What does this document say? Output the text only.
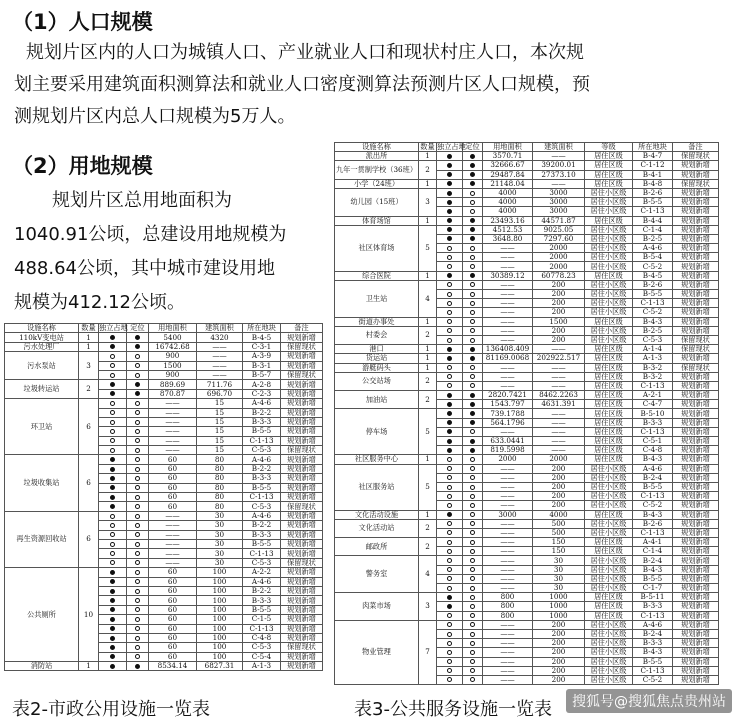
（1）人口规模
规划片区内的人口为城镇人口、产业就业人口和现状村庄人口，本次规
划主要采用建筑面积测算法和就业人口密度测算法预测片区人口规模，预
测规划片区内总人口规模为5万人。
（2）用地规模
规划片区总用地面积为
1040.91公顷，总建设用地规模为
488.64公顷，其中城市建设用地
规模为412.12公顷。
设施名称	数量	独立占地	定位	用地面积	建筑面积	所在地块	备注
110kV变电站	1			5400	4320	B-4-5	规划新增
污水处理厂	1			16742.68	——	C-3-1	保留现状
污水泵站	3			900	——	A-3-9	规划新增
				1500	——	B-3-1	规划新增
				900	——	B-5-7	保留现状
垃圾转运站	2			889.69	711.76	A-2-8	规划新增
				870.87	696.70	C-2-3	规划新增
环卫站	6			——	15	A-4-6	规划新增
				——	15	B-2-2	规划新增
				——	15	B-3-3	规划新增
				——	15	B-5-5	规划新增
				——	15	C-1-13	规划新增
				——	15	C-5-3	保留现状
垃圾收集站	6			60	80	A-4-6	规划新增
				60	80	B-2-2	规划新增
				60	80	B-3-3	规划新增
				60	80	B-5-5	规划新增
				60	80	C-1-13	规划新增
				60	80	C-5-3	保留现状
再生资源回收站	6			——	30	A-4-6	规划新增
				——	30	B-2-2	规划新增
				——	30	B-3-3	规划新增
				——	30	B-5-5	规划新增
				——	30	C-1-13	规划新增
				——	30	C-5-3	保留现状
公共厕所	10			60	100	A-2-2	规划新增
				60	100	A-4-6	规划新增
				60	100	B-2-2	规划新增
				60	100	B-3-3	规划新增
				60	100	B-5-5	规划新增
				60	100	C-1-5	规划新增
				60	100	C-1-13	规划新增
				60	100	C-4-8	规划新增
				60	100	C-5-3	保留现状
				60	100	C-5-4	规划新增
消防站	1			8534.14	6827.31	A-1-3	规划新增
设施名称	数量	独立占地	定位	用地面积	建筑面积	等级	所在地块	备注
派出所	1			3570.71	——	居住区级	B-4-7	保留现状
九年一贯制学校（36班）	2			32666.67	39200.01	居住区级	C-1-12	规划新增
				29487.84	27373.10	居住区级	B-4-1	规划新增
小学（24班）	1			21148.04	——	居住区级	B-4-8	保留现状
幼儿园（15班）	3			4000	3000	居住小区级	B-2-6	规划新增
				4000	3000	居住小区级	B-5-5	规划新增
				4000	3000	居住小区级	C-1-13	规划新增
体育场馆	1			23493.16	44571.87	居住区级	B-4-4	规划新增
社区体育场	5			4512.53	9025.05	居住小区级	C-1-4	规划新增
				3648.80	7297.60	居住小区级	B-2-5	规划新增
				——	2000	居住小区级	A-4-6	规划新增
				——	2000	居住小区级	B-5-4	规划新增
				——	2000	居住小区级	C-5-2	规划新增
综合医院	1			30389.12	60778.23	居住区级	B-4-5	规划新增
卫生站	4			——	200	居住小区级	B-2-6	规划新增
				——	200	居住小区级	B-5-5	规划新增
				——	200	居住小区级	C-1-13	规划新增
				——	200	居住小区级	C-5-2	规划新增
街道办事处	1			——	1500	居住区级	B-4-3	规划新增
村委会	2			——	200	居住小区级	B-2-5	规划新增
				——	200	居住小区级	C-5-3	保留现状
港口	1			136408.409	——	居住区级	A-1-4	保留现状
货运站	1			81169.0068	202922.517	居住区级	A-1-3	规划新增
游艇码头	1			——	——	居住区级	B-3-2	保留现状
公交站场	2			——	——	居住区级	B-3-2	规划新增
				——	——	居住区级	C-1-13	规划新增
加油站	2			2820.7421	8462.2263	居住区级	A-2-1	规划新增
				1543.797	4631.391	居住区级	C-4-7	规划新增
停车场	5			739.1788	——	居住区级	B-5-10	规划新增
				564.1796	——	居住区级	B-3-3	规划新增
				——	——	居住区级	C-1-13	规划新增
				633.0441	——	居住区级	C-5-1	规划新增
				819.5998	——	居住区级	C-4-8	规划新增
社区服务中心	1			2000	2000	居住区级	B-4-3	规划新增
社区服务站	5			——	200	居住小区级	A-4-6	规划新增
				——	200	居住小区级	B-2-4	规划新增
				——	200	居住小区级	B-5-5	规划新增
				——	200	居住小区级	C-1-13	规划新增
				——	200	居住小区级	C-5-2	规划新增
文化活动设施	1			3000	4000	居住区级	B-4-3	规划新增
文化活动站	2			——	500	居住小区级	B-2-6	规划新增
				——	500	居住小区级	C-1-13	规划新增
邮政所	2			——	150	居住区级	A-4-1	规划新增
				——	150	居住区级	C-1-4	规划新增
警务室	4			——	30	居住小区级	B-2-4	规划新增
				——	30	居住小区级	B-4-3	规划新增
				——	30	居住小区级	B-5-5	规划新增
				——	30	居住小区级	C-1-7	规划新增
肉菜市场	3			800	1000	居住区级	B-5-11	规划新增
				800	1000	居住区级	B-3-3	规划新增
				800	1000	居住区级	C-1-13	规划新增
物业管理	7			——	200	居住小区级	A-4-6	规划新增
				——	200	居住小区级	B-2-4	规划新增
				——	200	居住小区级	B-3-3	规划新增
				——	200	居住小区级	B-4-3	规划新增
				——	200	居住小区级	B-5-5	规划新增
				——	200	居住小区级	C-1-13	规划新增
				——	200	居住小区级	C-5-2	规划新增
表2-市政公用设施一览表	表3-公共服务设施一览表	搜狐号@搜狐焦点贵州站
